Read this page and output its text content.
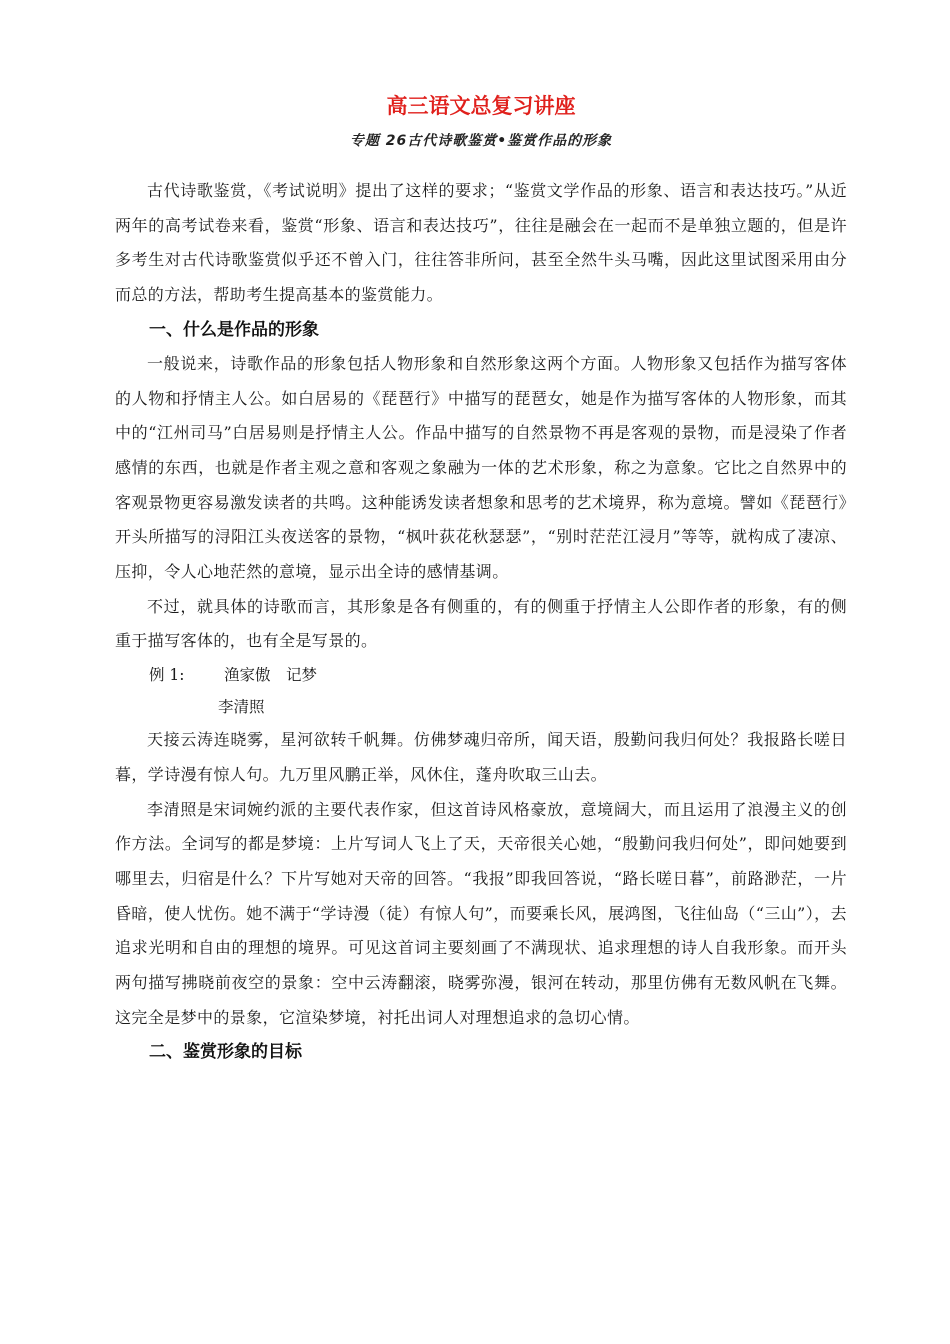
高三语文总复习讲座
专题 26古代诗歌鉴赏•鉴赏作品的形象

古代诗歌鉴赏，《考试说明》提出了这样的要求；“鉴赏文学作品的形象、语言和表达技巧。”从近两年的高考试卷来看，鉴赏“形象、语言和表达技巧”，往往是融会在一起而不是单独立题的，但是许多考生对古代诗歌鉴赏似乎还不曾入门，往往答非所问，甚至全然牛头马嘴，因此这里试图采用由分而总的方法，帮助考生提高基本的鉴赏能力。

一、什么是作品的形象

一般说来，诗歌作品的形象包括人物形象和自然形象这两个方面。人物形象又包括作为描写客体的人物和抒情主人公。如白居易的《琵琶行》中描写的琵琶女，她是作为描写客体的人物形象，而其中的“江州司马”白居易则是抒情主人公。作品中描写的自然景物不再是客观的景物，而是浸染了作者感情的东西，也就是作者主观之意和客观之象融为一体的艺术形象，称之为意象。它比之自然界中的客观景物更容易激发读者的共鸣。这种能诱发读者想象和思考的艺术境界，称为意境。譬如《琵琶行》开头所描写的浔阳江头夜送客的景物，“枫叶荻花秋瑟瑟”，“别时茫茫江浸月”等等，就构成了凄凉、压抑，令人心地茫然的意境，显示出全诗的感情基调。

不过，就具体的诗歌而言，其形象是各有侧重的，有的侧重于抒情主人公即作者的形象，有的侧重于描写客体的，也有全是写景的。

例 1:	渔家傲　记梦
李清照

天接云涛连晓雾，星河欲转千帆舞。仿佛梦魂归帝所，闻天语，殷勤问我归何处？我报路长嗟日暮，学诗漫有惊人句。九万里风鹏正举，风休住，蓬舟吹取三山去。

李清照是宋词婉约派的主要代表作家，但这首诗风格豪放，意境阔大，而且运用了浪漫主义的创作方法。全词写的都是梦境：上片写词人飞上了天，天帝很关心她，“殷勤问我归何处”，即问她要到哪里去，归宿是什么？下片写她对天帝的回答。“我报”即我回答说，“路长嗟日暮”，前路渺茫，一片昏暗，使人忧伤。她不满于“学诗漫（徒）有惊人句”，而要乘长风，展鸿图，飞往仙岛（“三山”），去追求光明和自由的理想的境界。可见这首词主要刻画了不满现状、追求理想的诗人自我形象。而开头两句描写拂晓前夜空的景象：空中云涛翻滚，晓雾弥漫，银河在转动，那里仿佛有无数风帆在飞舞。这完全是梦中的景象，它渲染梦境，衬托出词人对理想追求的急切心情。

二、鉴赏形象的目标
